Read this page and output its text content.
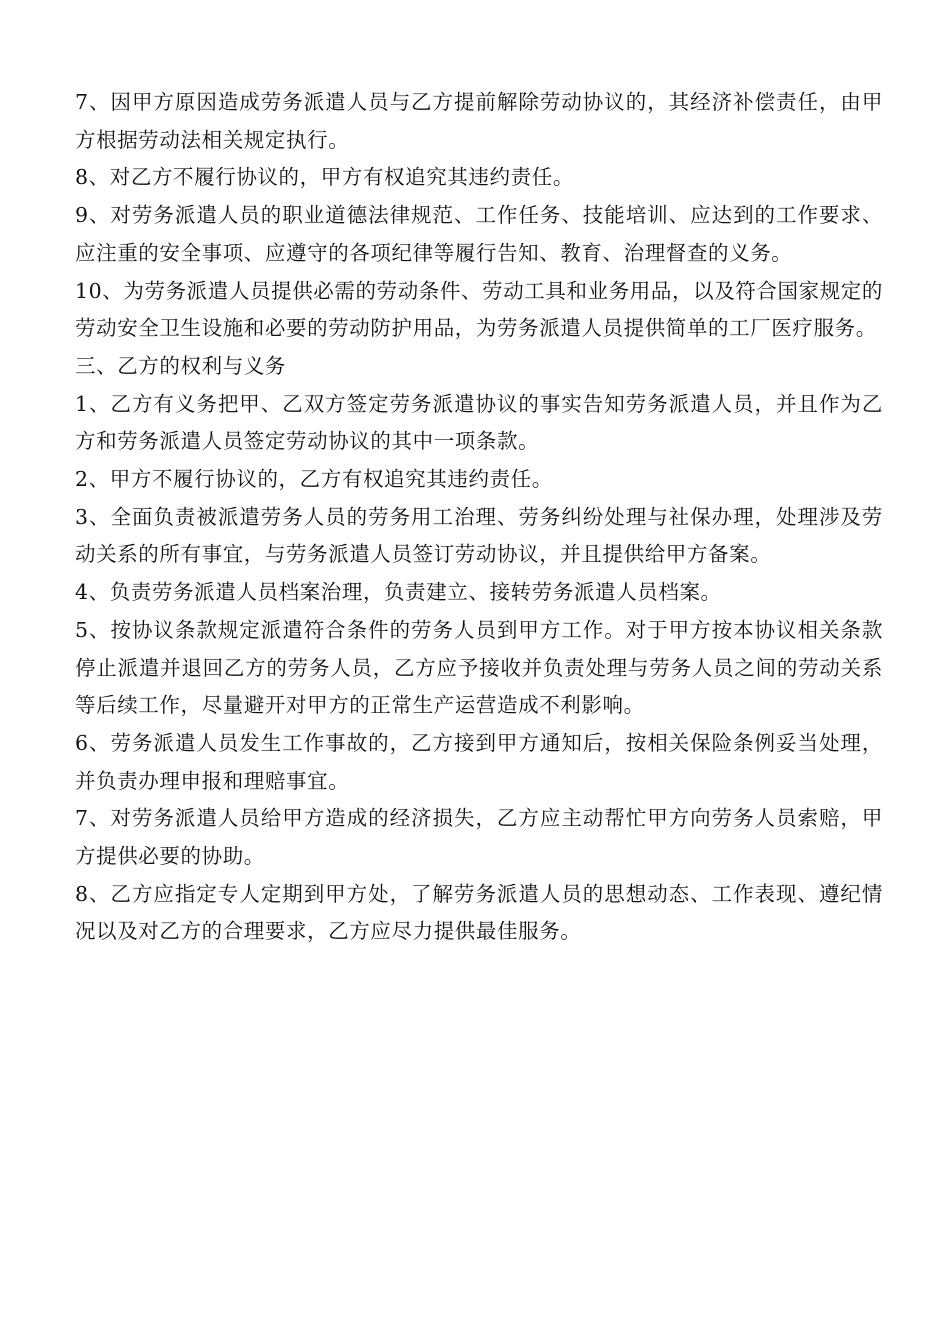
7、因甲方原因造成劳务派遣人员与乙方提前解除劳动协议的，其经济补偿责任，由甲方根据劳动法相关规定执行。

8、对乙方不履行协议的，甲方有权追究其违约责任。

9、对劳务派遣人员的职业道德法律规范、工作任务、技能培训、应达到的工作要求、应注重的安全事项、应遵守的各项纪律等履行告知、教育、治理督查的义务。

10、为劳务派遣人员提供必需的劳动条件、劳动工具和业务用品，以及符合国家规定的劳动安全卫生设施和必要的劳动防护用品，为劳务派遣人员提供简单的工厂医疗服务。

三、乙方的权利与义务

1、乙方有义务把甲、乙双方签定劳务派遣协议的事实告知劳务派遣人员，并且作为乙方和劳务派遣人员签定劳动协议的其中一项条款。

2、甲方不履行协议的，乙方有权追究其违约责任。

3、全面负责被派遣劳务人员的劳务用工治理、劳务纠纷处理与社保办理，处理涉及劳动关系的所有事宜，与劳务派遣人员签订劳动协议，并且提供给甲方备案。

4、负责劳务派遣人员档案治理，负责建立、接转劳务派遣人员档案。

5、按协议条款规定派遣符合条件的劳务人员到甲方工作。对于甲方按本协议相关条款停止派遣并退回乙方的劳务人员，乙方应予接收并负责处理与劳务人员之间的劳动关系等后续工作，尽量避开对甲方的正常生产运营造成不利影响。

6、劳务派遣人员发生工作事故的，乙方接到甲方通知后，按相关保险条例妥当处理，并负责办理申报和理赔事宜。

7、对劳务派遣人员给甲方造成的经济损失，乙方应主动帮忙甲方向劳务人员索赔，甲方提供必要的协助。

8、乙方应指定专人定期到甲方处，了解劳务派遣人员的思想动态、工作表现、遵纪情况以及对乙方的合理要求，乙方应尽力提供最佳服务。
